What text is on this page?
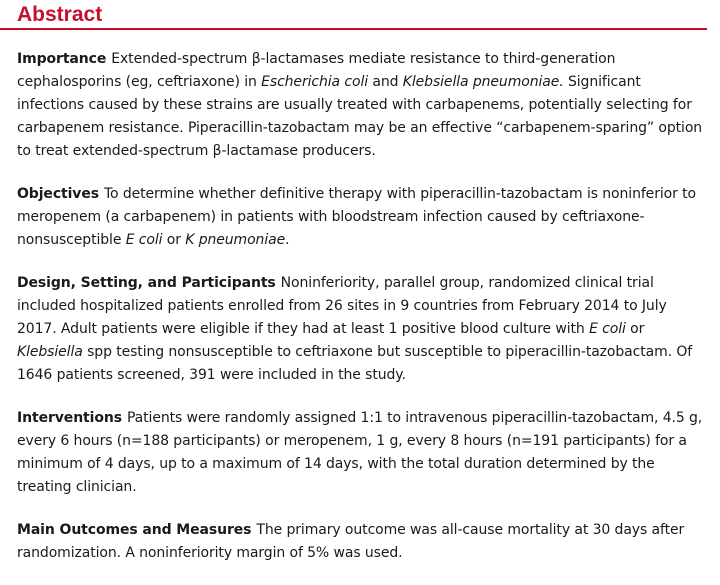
Abstract

Importance Extended-spectrum β-lactamases mediate resistance to third-generation cephalosporins (eg, ceftriaxone) in Escherichia coli and Klebsiella pneumoniae. Significant infections caused by these strains are usually treated with carbapenems, potentially selecting for carbapenem resistance. Piperacillin-tazobactam may be an effective “carbapenem-sparing” option to treat extended-spectrum β-lactamase producers.

Objectives To determine whether definitive therapy with piperacillin-tazobactam is noninferior to meropenem (a carbapenem) in patients with bloodstream infection caused by ceftriaxone-nonsusceptible E coli or K pneumoniae.

Design, Setting, and Participants Noninferiority, parallel group, randomized clinical trial included hospitalized patients enrolled from 26 sites in 9 countries from February 2014 to July 2017. Adult patients were eligible if they had at least 1 positive blood culture with E coli or Klebsiella spp testing nonsusceptible to ceftriaxone but susceptible to piperacillin-tazobactam. Of 1646 patients screened, 391 were included in the study.

Interventions Patients were randomly assigned 1:1 to intravenous piperacillin-tazobactam, 4.5 g, every 6 hours (n=188 participants) or meropenem, 1 g, every 8 hours (n=191 participants) for a minimum of 4 days, up to a maximum of 14 days, with the total duration determined by the treating clinician.

Main Outcomes and Measures The primary outcome was all-cause mortality at 30 days after randomization. A noninferiority margin of 5% was used.
